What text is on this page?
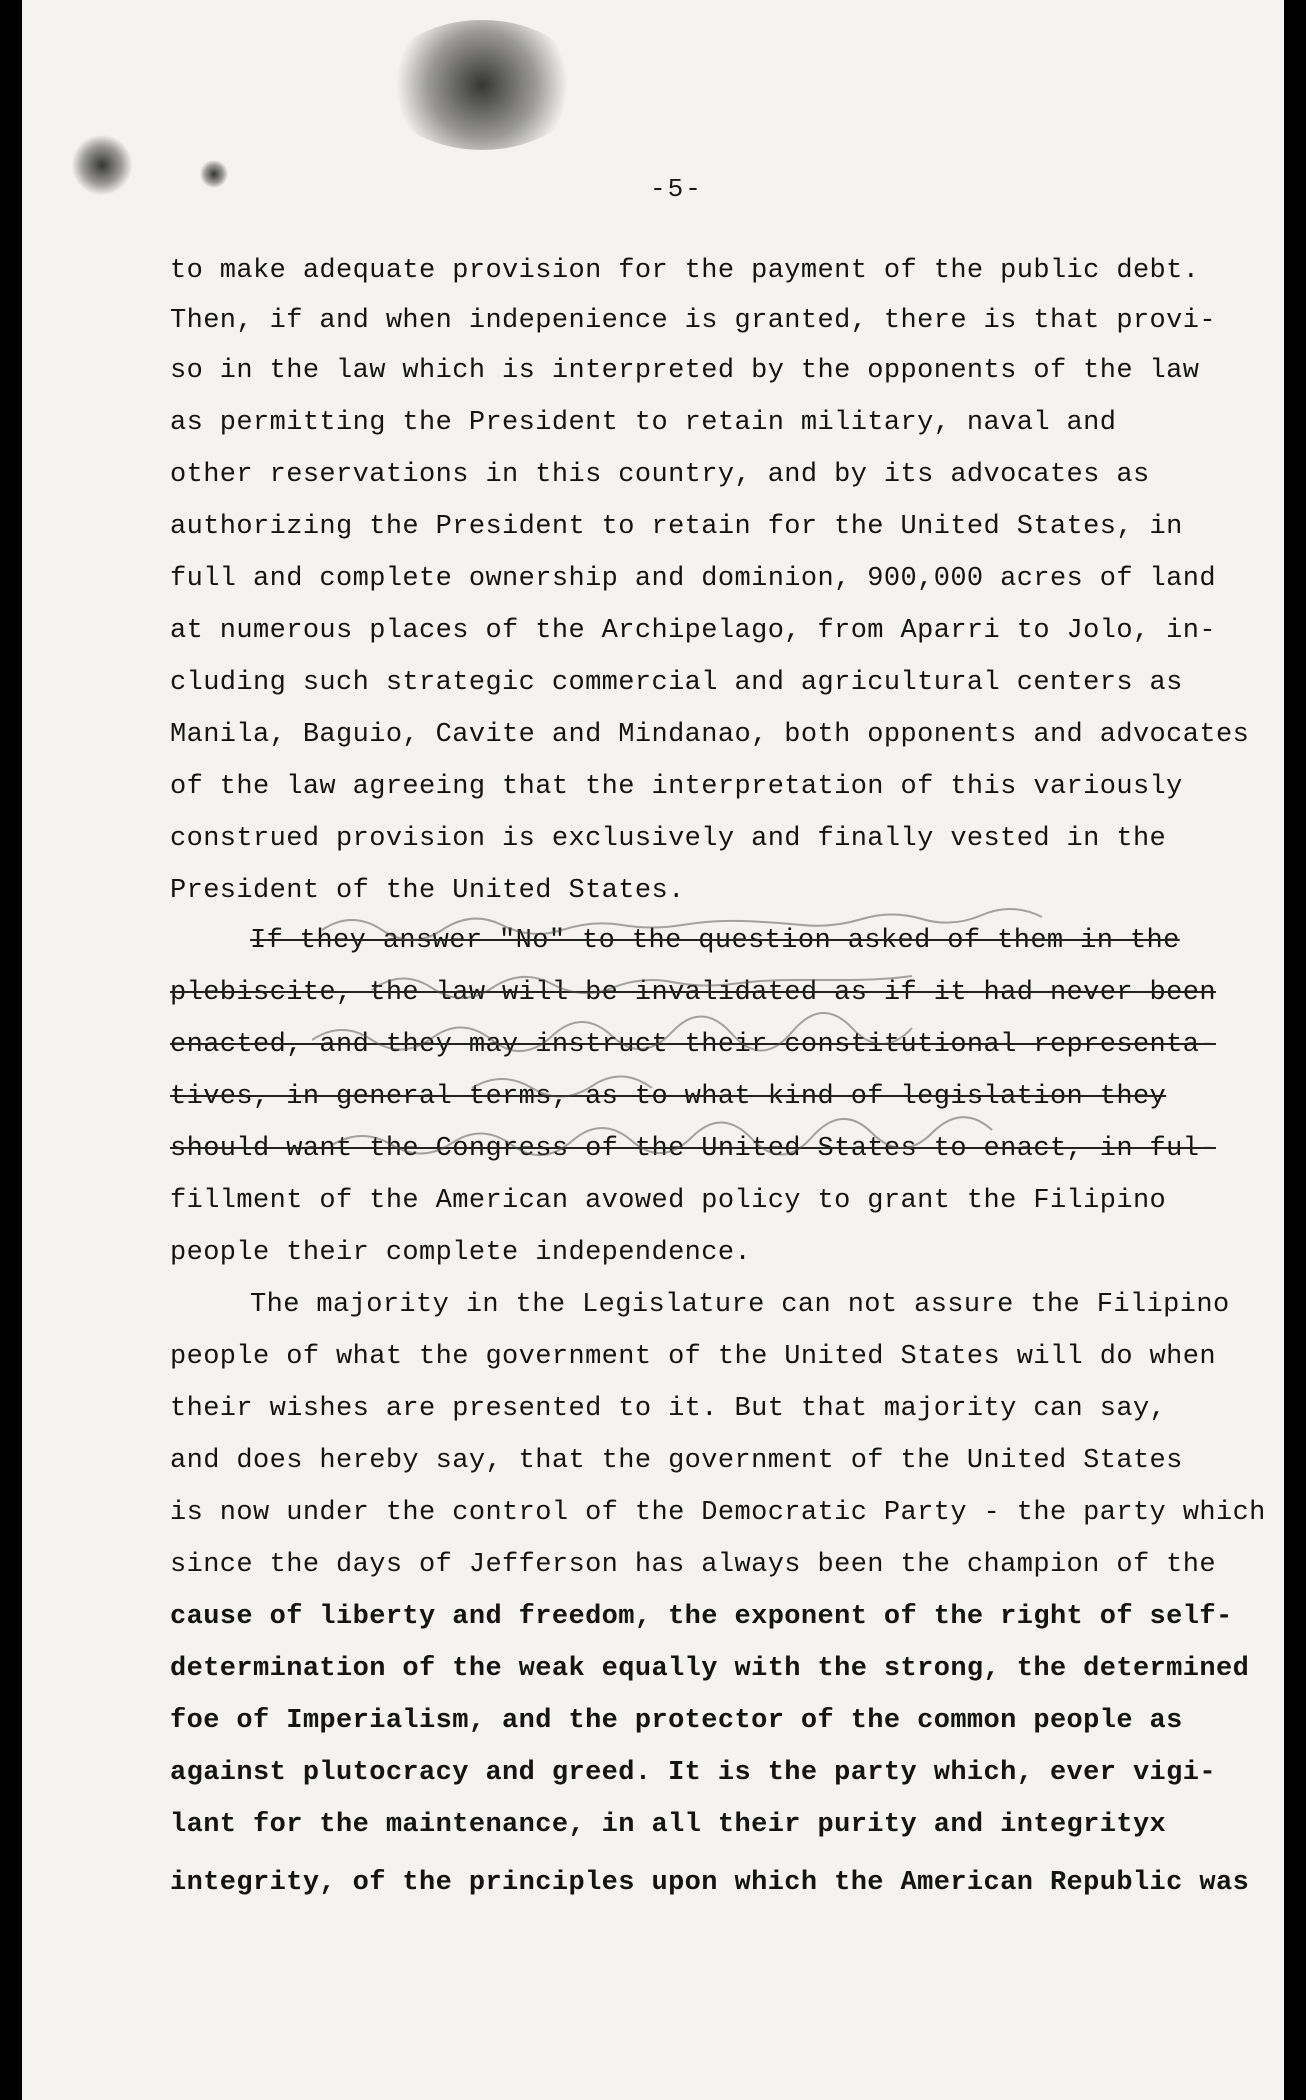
-5-
to make adequate provision for the payment of the public debt.
Then, if and when indepenience is granted, there is that provi-
so in the law which is interpreted by the opponents of the law
as permitting the President to retain military, naval and
other reservations in this country, and by its advocates as
authorizing the President to retain for the United States, in
full and complete ownership and dominion, 900,000 acres of land
at numerous places of the Archipelago, from Aparri to Jolo, in-
cluding such strategic commercial and agricultural centers as
Manila, Baguio, Cavite and Mindanao, both opponents and advocates
of the law agreeing that the interpretation of this variously
construed provision is exclusively and finally vested in the
President of the United States.
If they answer "No" to the question asked of them in the
plebiscite, the law will be invalidated as if it had never been
enacted, and they may instruct their constitutional representa-
tives, in general terms, as to what kind of legislation they
should want the Congress of the United States to enact, in ful-
fillment of the American avowed policy to grant the Filipino
people their complete independence.
The majority in the Legislature can not assure the Filipino
people of what the government of the United States will do when
their wishes are presented to it. But that majority can say,
and does hereby say, that the government of the United States
is now under the control of the Democratic Party - the party which
since the days of Jefferson has always been the champion of the
cause of liberty and freedom, the exponent of the right of self-
determination of the weak equally with the strong, the determined
foe of Imperialism, and the protector of the common people as
against plutocracy and greed. It is the party which, ever vigi-
lant for the maintenance, in all their purity and integrityx
integrity, of the principles upon which the American Republic was
